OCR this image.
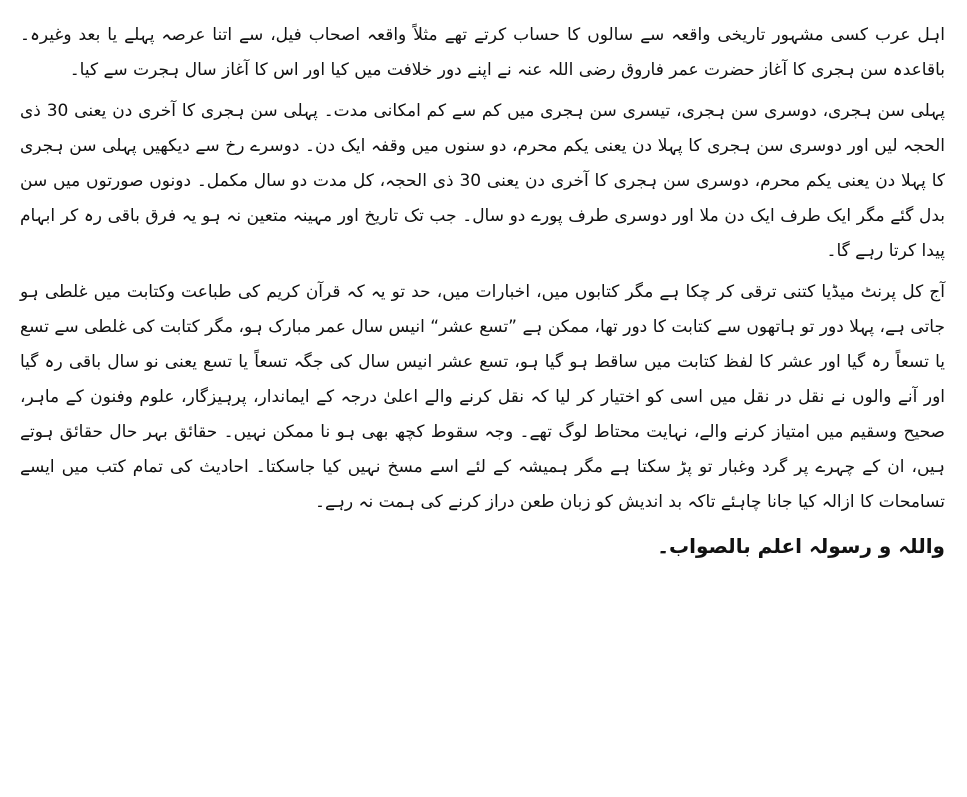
اہل عرب کسی مشہور تاریخی واقعہ سے سالوں کا حساب کرتے تھے مثلاً واقعہ اصحاب فیل، سے اتنا عرصہ پہلے یا بعد وغیرہ۔ باقاعدہ سن ہجری کا آغاز حضرت عمر فاروق رضی اللہ عنہ نے اپنے دور خلافت میں کیا اور اس کا آغاز سال ہجرت سے کیا۔

پہلی سن ہجری، دوسری سن ہجری، تیسری سن ہجری میں کم سے کم امکانی مدت۔ پہلی سن ہجری کا آخری دن یعنی 30 ذی الحجہ لیں اور دوسری سن ہجری کا پہلا دن یعنی یکم محرم، دو سنوں میں وقفہ ایک دن۔ دوسرے رخ سے دیکھیں پہلی سن ہجری کا پہلا دن یعنی یکم محرم، دوسری سن ہجری کا آخری دن یعنی 30 ذی الحجہ، کل مدت دو سال مکمل۔ دونوں صورتوں میں سن بدل گئے مگر ایک طرف ایک دن ملا اور دوسری طرف پورے دو سال۔ جب تک تاریخ اور مہینہ متعین نہ ہو یہ فرق باقی رہ کر ابہام پیدا کرتا رہے گا۔

آج کل پرنٹ میڈیا کتنی ترقی کر چکا ہے مگر کتابوں میں، اخبارات میں، حد تو یہ کہ قرآن کریم کی طباعت وکتابت میں غلطی ہو جاتی ہے، پہلا دور تو ہاتھوں سے کتابت کا دور تھا، ممکن ہے ”تسع عشر“ انیس سال عمر مبارک ہو، مگر کتابت کی غلطی سے تسع یا تسعاً رہ گیا اور عشر کا لفظ کتابت میں ساقط ہو گیا ہو، تسع عشر انیس سال کی جگہ تسعاً یا تسع یعنی نو سال باقی رہ گیا اور آنے والوں نے نقل در نقل میں اسی کو اختیار کر لیا کہ نقل کرنے والے اعلیٰ درجہ کے ایماندار، پرہیزگار، علوم وفنون کے ماہر، صحیح وسقیم میں امتیاز کرنے والے، نہایت محتاط لوگ تھے۔ وجہ سقوط کچھ بھی ہو نا ممکن نہیں۔ حقائق بہر حال حقائق ہوتے ہیں، ان کے چہرے پر گرد وغبار تو پڑ سکتا ہے مگر ہمیشہ کے لئے اسے مسخ نہیں کیا جاسکتا۔ احادیث کی تمام کتب میں ایسے تسامحات کا ازالہ کیا جانا چاہئے تاکہ بد اندیش کو زبان طعن دراز کرنے کی ہمت نہ رہے۔

واللہ و رسولہ اعلم بالصواب۔
